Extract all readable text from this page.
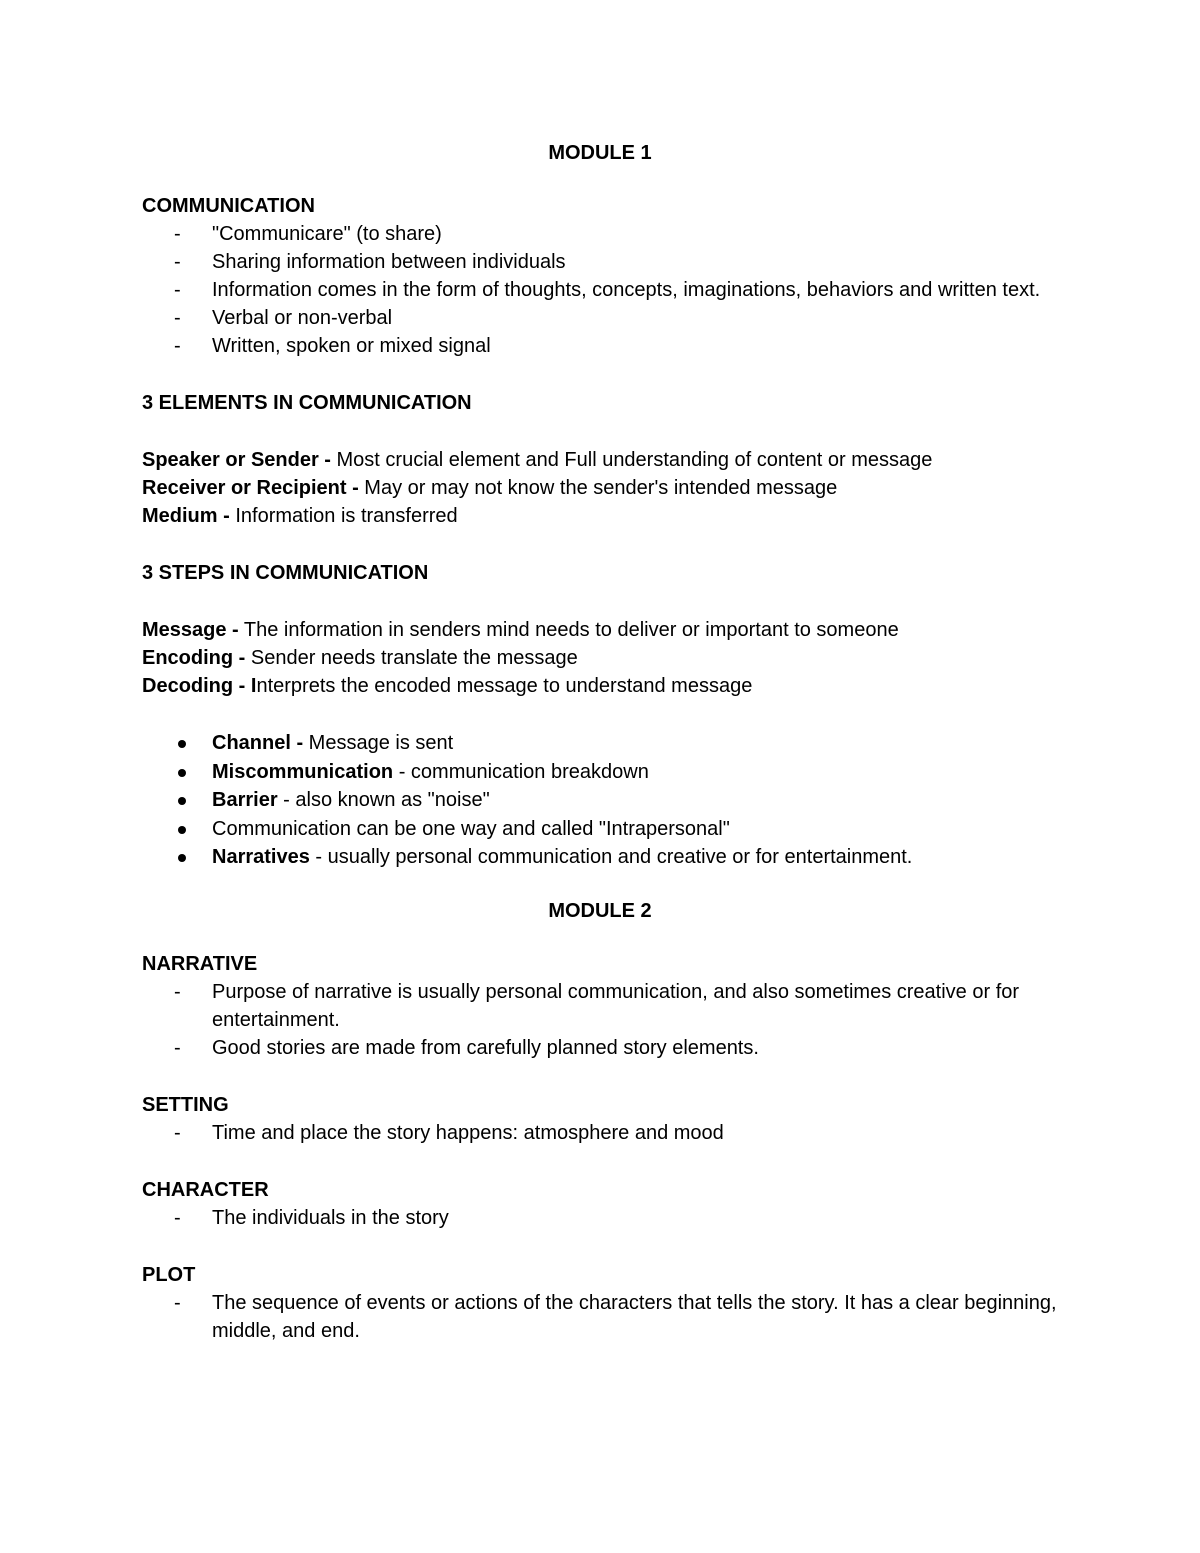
MODULE 1
COMMUNICATION
- "Communicare" (to share)
- Sharing information between individuals
- Information comes in the form of thoughts, concepts, imaginations, behaviors and written text.
- Verbal or non-verbal
- Written, spoken or mixed signal
3 ELEMENTS IN COMMUNICATION
Speaker or Sender - Most crucial element and Full understanding of content or message
Receiver or Recipient - May or may not know the sender's intended message
Medium - Information is transferred
3 STEPS IN COMMUNICATION
Message - The information in senders mind needs to deliver or important to someone
Encoding - Sender needs translate the message
Decoding - Interprets the encoded message to understand message
Channel - Message is sent
Miscommunication - communication breakdown
Barrier - also known as "noise"
Communication can be one way and called "Intrapersonal"
Narratives - usually personal communication and creative or for entertainment.
MODULE 2
NARRATIVE
- Purpose of narrative is usually personal communication, and also sometimes creative or for entertainment.
- Good stories are made from carefully planned story elements.
SETTING
- Time and place the story happens: atmosphere and mood
CHARACTER
- The individuals in the story
PLOT
- The sequence of events or actions of the characters that tells the story. It has a clear beginning, middle, and end.
